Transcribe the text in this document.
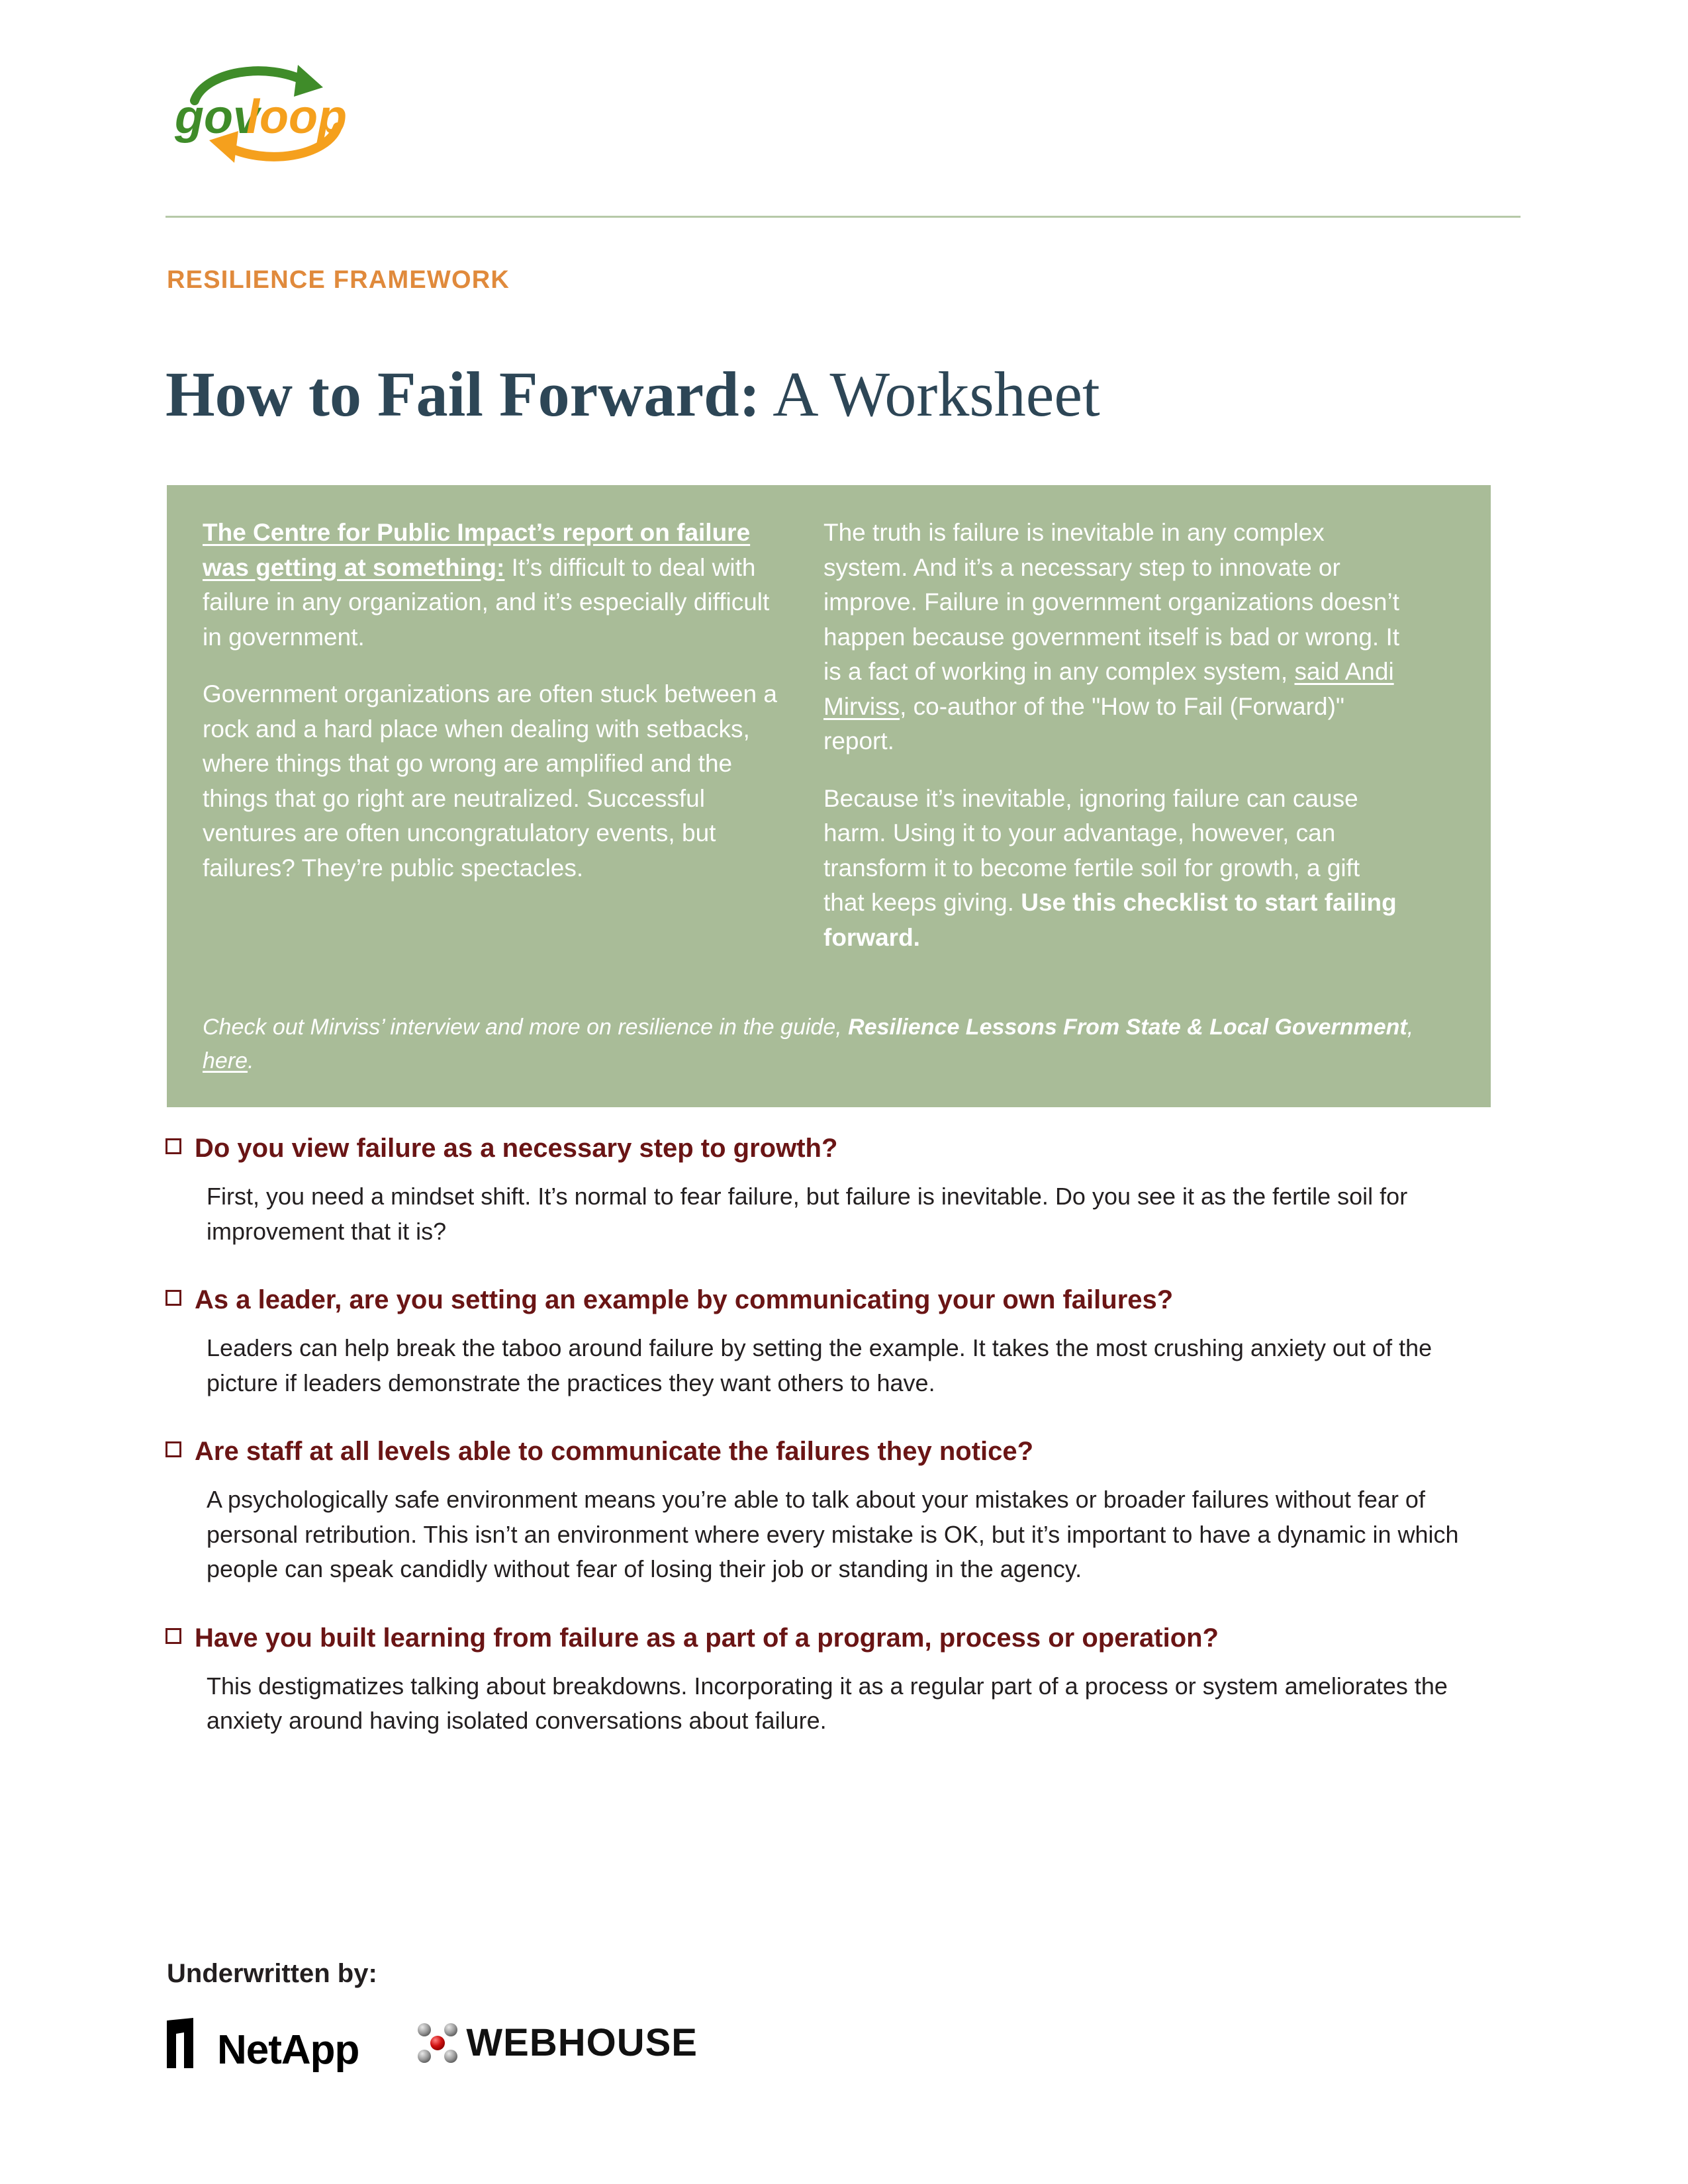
gov
loop
RESILIENCE FRAMEWORK
How to Fail Forward: A Worksheet

The Centre for Public Impact’s report on failure was getting at something: It’s difficult to deal with failure in any organization, and it’s especially difficult in government.

Government organizations are often stuck between a rock and a hard place when dealing with setbacks, where things that go wrong are amplified and the things that go right are neutralized. Successful ventures are often uncongratulatory events, but failures? They’re public spectacles.

The truth is failure is inevitable in any complex system. And it’s a necessary step to innovate or improve. Failure in government organizations doesn’t happen because government itself is bad or wrong. It is a fact of working in any complex system, said Andi Mirviss, co-author of the "How to Fail (Forward)" report.

Because it’s inevitable, ignoring failure can cause harm. Using it to your advantage, however, can transform it to become fertile soil for growth, a gift that keeps giving. Use this checklist to start failing forward.

Check out Mirviss’ interview and more on resilience in the guide, Resilience Lessons From State & Local Government, here.
Do you view failure as a necessary step to growth?
First, you need a mindset shift. It’s normal to fear failure, but failure is inevitable. Do you see it as the fertile soil for improvement that it is?
As a leader, are you setting an example by communicating your own failures?
Leaders can help break the taboo around failure by setting the example. It takes the most crushing anxiety out of the picture if leaders demonstrate the practices they want others to have.
Are staff at all levels able to communicate the failures they notice?
A psychologically safe environment means you’re able to talk about your mistakes or broader failures without fear of personal retribution. This isn’t an environment where every mistake is OK, but it’s important to have a dynamic in which people can speak candidly without fear of losing their job or standing in the agency.
Have you built learning from failure as a part of a program, process or operation?
This destigmatizes talking about breakdowns. Incorporating it as a regular part of a process or system ameliorates the anxiety around having isolated conversations about failure.
Underwritten by:
NetApp	WEBHOUSE
